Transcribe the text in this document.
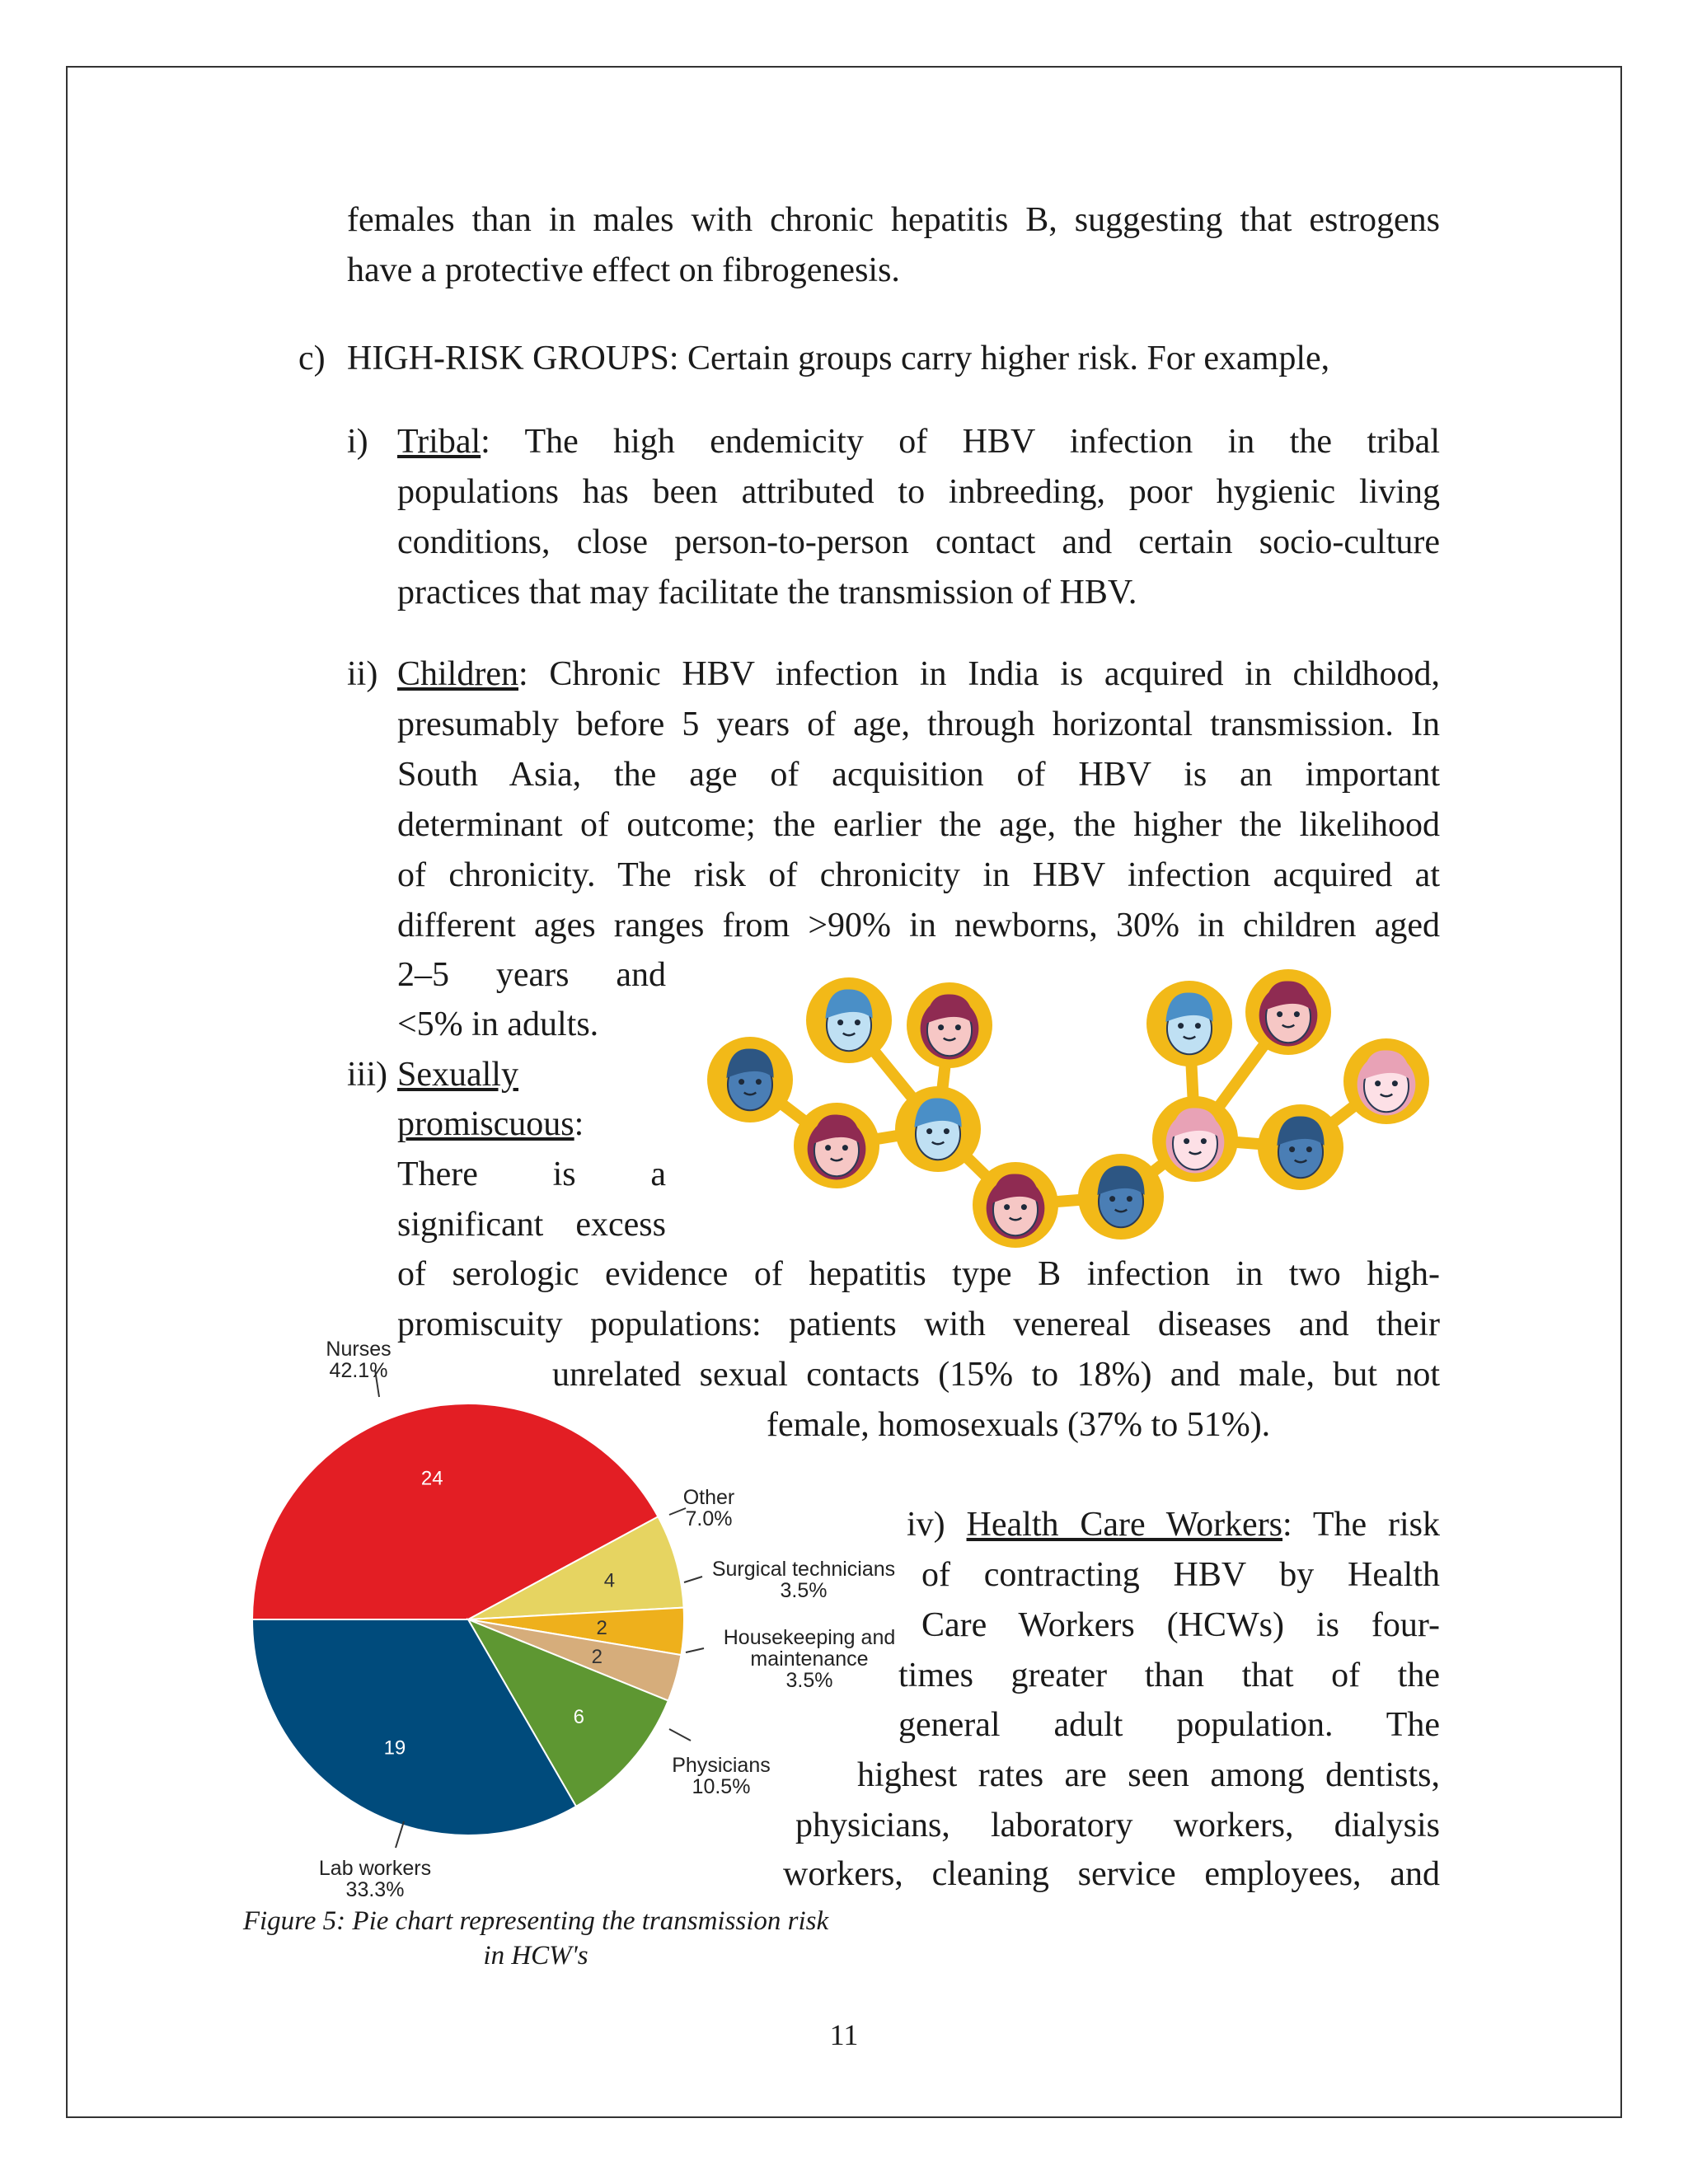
females than in males with chronic hepatitis B, suggesting that estrogens

have a protective effect on fibrogenesis.

c) HIGH-RISK GROUPS: Certain groups carry higher risk. For example,

i) Tribal: The high endemicity of HBV infection in the tribal

populations has been attributed to inbreeding, poor hygienic living

conditions, close person-to-person contact and certain socio-culture

practices that may facilitate the transmission of HBV.

ii) Children: Chronic HBV infection in India is acquired in childhood,

presumably before 5 years of age, through horizontal transmission. In

South Asia, the age of acquisition of HBV is an important

determinant of outcome; the earlier the age, the higher the likelihood

of chronicity. The risk of chronicity in HBV infection acquired at

different ages ranges from >90% in newborns, 30% in children aged

2–5 years and

<5% in adults.

iii) Sexually

promiscuous:

There is a

significant excess

of serologic evidence of hepatitis type B infection in two high-

promiscuity populations: patients with venereal diseases and their

unrelated sexual contacts (15% to 18%) and male, but not

female, homosexuals (37% to 51%).

iv) Health Care Workers: The risk

of contracting HBV by Health

Care Workers (HCWs) is four-

times greater than that of the

general adult population. The

highest rates are seen among dentists,

physicians, laboratory workers, dialysis

workers, cleaning service employees, and

24
4
2
2
6
19
Nurses 42.1%
Other 7.0%
Surgical technicians 3.5%
Housekeeping and maintenance 3.5%
Physicians 10.5%
Lab workers 33.3%
Figure 5: Pie chart representing the transmission risk
in HCW's
11
